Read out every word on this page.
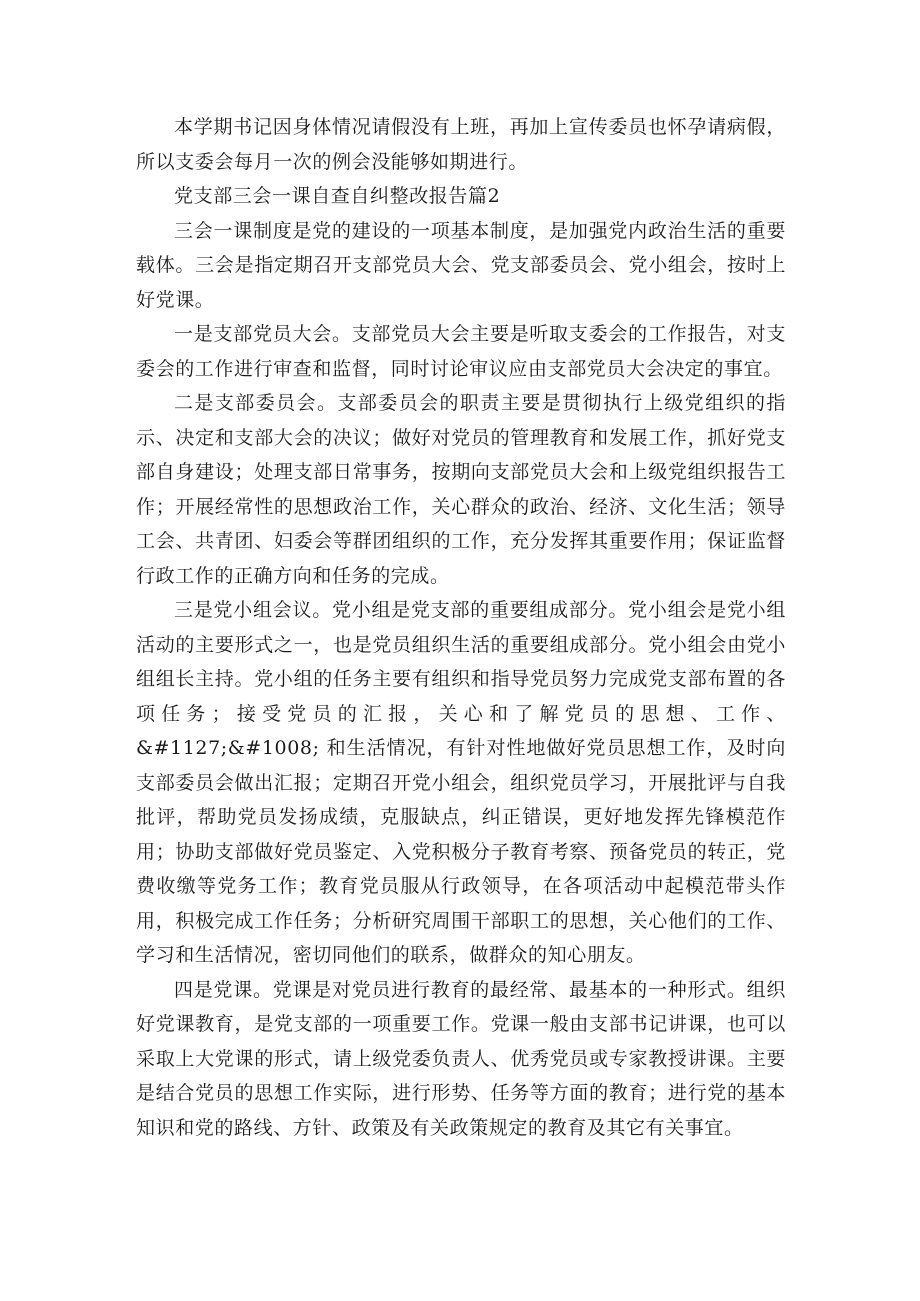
本学期书记因身体情况请假没有上班，再加上宣传委员也怀孕请病假，所以支委会每月一次的例会没能够如期进行。

党支部三会一课自查自纠整改报告篇2

三会一课制度是党的建设的一项基本制度，是加强党内政治生活的重要载体。三会是指定期召开支部党员大会、党支部委员会、党小组会，按时上好党课。

一是支部党员大会。支部党员大会主要是听取支委会的工作报告，对支委会的工作进行审查和监督，同时讨论审议应由支部党员大会决定的事宜。

二是支部委员会。支部委员会的职责主要是贯彻执行上级党组织的指示、决定和支部大会的决议；做好对党员的管理教育和发展工作，抓好党支部自身建设；处理支部日常事务，按期向支部党员大会和上级党组织报告工作；开展经常性的思想政治工作，关心群众的政治、经济、文化生活；领导工会、共青团、妇委会等群团组织的工作，充分发挥其重要作用；保证监督行政工作的正确方向和任务的完成。

三是党小组会议。党小组是党支部的重要组成部分。党小组会是党小组活动的主要形式之一，也是党员组织生活的重要组成部分。党小组会由党小组组长主持。党小组的任务主要有组织和指导党员努力完成党支部布置的各项任务；接受党员的汇报，关心和了解党员的思想、工作、&#1127;&#1008; 和生活情况，有针对性地做好党员思想工作，及时向支部委员会做出汇报；定期召开党小组会，组织党员学习，开展批评与自我批评，帮助党员发扬成绩，克服缺点，纠正错误，更好地发挥先锋模范作用；协助支部做好党员鉴定、入党积极分子教育考察、预备党员的转正，党费收缴等党务工作；教育党员服从行政领导，在各项活动中起模范带头作用，积极完成工作任务；分析研究周围干部职工的思想，关心他们的工作、学习和生活情况，密切同他们的联系，做群众的知心朋友。

四是党课。党课是对党员进行教育的最经常、最基本的一种形式。组织好党课教育，是党支部的一项重要工作。党课一般由支部书记讲课，也可以采取上大党课的形式，请上级党委负责人、优秀党员或专家教授讲课。主要是结合党员的思想工作实际，进行形势、任务等方面的教育；进行党的基本知识和党的路线、方针、政策及有关政策规定的教育及其它有关事宜。
